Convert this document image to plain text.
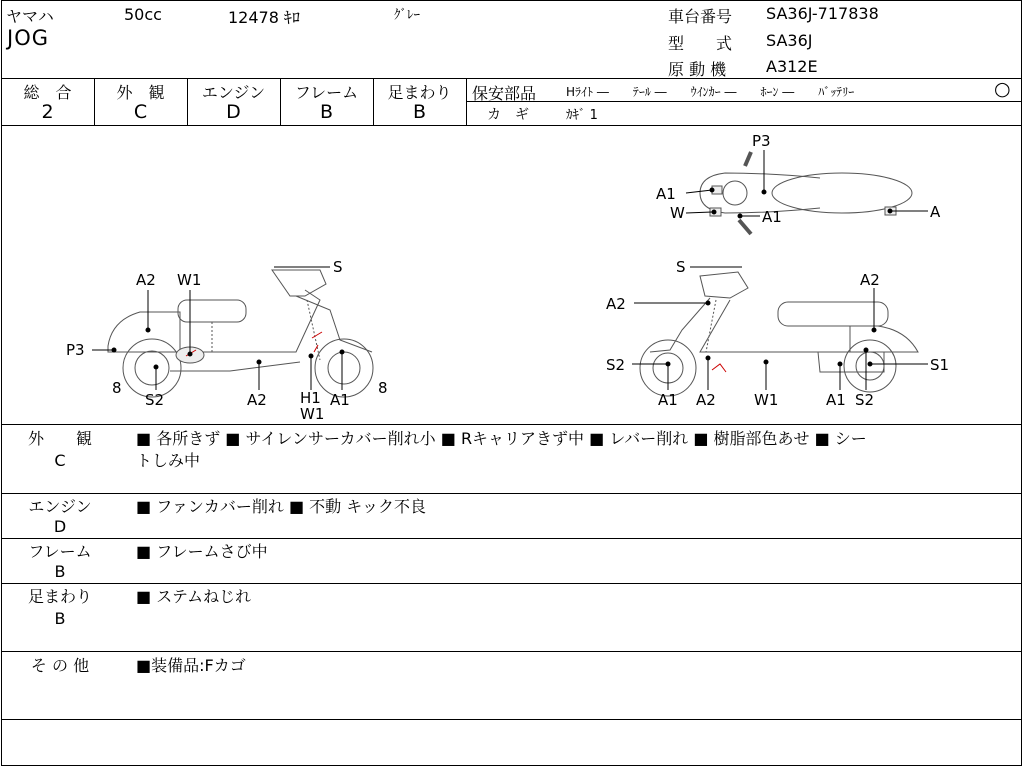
ヤマハ	50cc	12478 ｷﾛ	ｸﾞﾚｰ
JOG
車台番号 SA36J-717838
型　　式 SA36J
原 動 機 A312E
総　合	外　観	エンジン	フレーム	足まわり
2	C	D	B	B
保安部品 Hﾗｲﾄ ―　　ﾃｰﾙ ―　　ｳｲﾝｶｰ ―　　ﾎｰﾝ ―　　ﾊﾞｯﾃﾘｰ	○
カ　ギ	ｶｷﾞ 1
P3
A1
W	A1	A
A2 W1
S
P3
8
S2	A2 H1
W1
A1
8
S
A2
A2
S2	S1
A1 A2	W1	A1 S2
外　　観
C
■ 各所きず ■ サイレンサーカバー削れ小 ■ Rキャリアきず中 ■ レバー削れ ■ 樹脂部色あせ ■ シー
トしみ中
エンジン
D
■ ファンカバー削れ ■ 不動 キック不良
フレーム
B
■ フレームさび中
足まわり
B
■ ステムねじれ
そ の 他	■装備品:Fカゴ
